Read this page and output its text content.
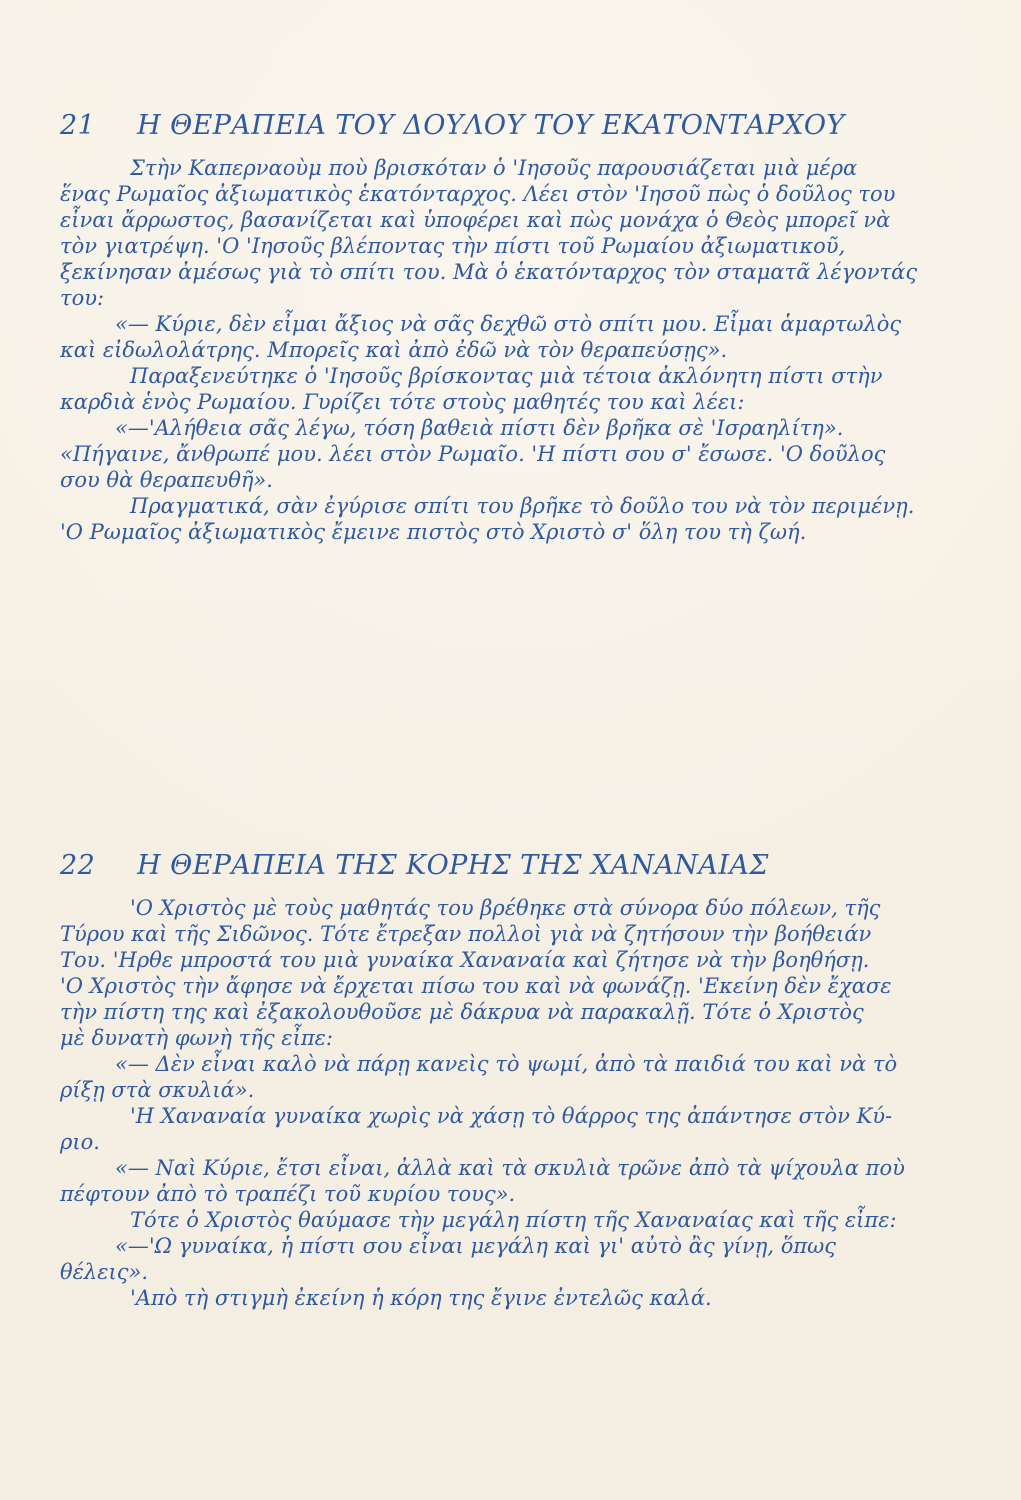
21 Η ΘΕΡΑΠΕΙΑ ΤΟΥ ΔΟΥΛΟΥ ΤΟΥ ΕΚΑΤΟΝΤΑΡΧΟΥ
Στὴν Καπερναοὺμ ποὺ βρισκόταν ὁ 'Ιησοῦς παρουσιάζεται μιὰ μέρα
ἕνας Ρωμαῖος ἀξιωματικὸς ἑκατόνταρχος. Λέει στὸν 'Ιησοῦ πὼς ὁ δοῦλος του
εἶναι ἄρρωστος, βασανίζεται καὶ ὑποφέρει καὶ πὼς μονάχα ὁ Θεὸς μπορεῖ νὰ
τὸν γιατρέψη. 'Ο 'Ιησοῦς βλέποντας τὴν πίστι τοῦ Ρωμαίου ἀξιωματικοῦ,
ξεκίνησαν ἀμέσως γιὰ τὸ σπίτι του. Μὰ ὁ ἑκατόνταρχος τὸν σταματᾶ λέγοντάς
του:
«— Κύριε, δὲν εἶμαι ἄξιος νὰ σᾶς δεχθῶ στὸ σπίτι μου. Εἶμαι ἁμαρτωλὸς
καὶ εἰδωλολάτρης. Μπορεῖς καὶ ἀπὸ ἐδῶ νὰ τὸν θεραπεύσῃς».
Παραξενεύτηκε ὁ 'Ιησοῦς βρίσκοντας μιὰ τέτοια ἀκλόνητη πίστι στὴν
καρδιὰ ἑνὸς Ρωμαίου. Γυρίζει τότε στοὺς μαθητές του καὶ λέει:
«—'Αλήθεια σᾶς λέγω, τόση βαθειὰ πίστι δὲν βρῆκα σὲ 'Ισραηλίτη».
«Πήγαινε, ἄνθρωπέ μου. λέει στὸν Ρωμαῖο. 'Η πίστι σου σ' ἔσωσε. 'Ο δοῦλος
σου θὰ θεραπευθῆ».
Πραγματικά, σὰν ἐγύρισε σπίτι του βρῆκε τὸ δοῦλο του νὰ τὸν περιμένῃ.
'Ο Ρωμαῖος ἀξιωματικὸς ἔμεινε πιστὸς στὸ Χριστὸ σ' ὅλη του τὴ ζωή.
22 Η ΘΕΡΑΠΕΙΑ ΤΗΣ ΚΟΡΗΣ ΤΗΣ ΧΑΝΑΝΑΙΑΣ
'Ο Χριστὸς μὲ τοὺς μαθητάς του βρέθηκε στὰ σύνορα δύο πόλεων, τῆς
Τύρου καὶ τῆς Σιδῶνος. Τότε ἔτρεξαν πολλοὶ γιὰ νὰ ζητήσουν τὴν βοήθειάν
Του. 'Ηρθε μπροστά του μιὰ γυναίκα Χαναναία καὶ ζήτησε νὰ τὴν βοηθήσῃ.
'Ο Χριστὸς τὴν ἄφησε νὰ ἔρχεται πίσω του καὶ νὰ φωνάζῃ. 'Εκείνη δὲν ἔχασε
τὴν πίστη της καὶ ἐξακολουθοῦσε μὲ δάκρυα νὰ παρακαλῇ. Τότε ὁ Χριστὸς
μὲ δυνατὴ φωνὴ τῆς εἶπε:
«— Δὲν εἶναι καλὸ νὰ πάρῃ κανεὶς τὸ ψωμί, ἀπὸ τὰ παιδιά του καὶ νὰ τὸ
ρίξῃ στὰ σκυλιά».
'Η Χαναναία γυναίκα χωρὶς νὰ χάσῃ τὸ θάρρος της ἀπάντησε στὸν Κύ-
ριο.
«— Ναὶ Κύριε, ἔτσι εἶναι, ἀλλὰ καὶ τὰ σκυλιὰ τρῶνε ἀπὸ τὰ ψίχουλα ποὺ
πέφτουν ἀπὸ τὸ τραπέζι τοῦ κυρίου τους».
Τότε ὁ Χριστὸς θαύμασε τὴν μεγάλη πίστη τῆς Χαναναίας καὶ τῆς εἶπε:
«—'Ω γυναίκα, ἡ πίστι σου εἶναι μεγάλη καὶ γι' αὐτὸ ἂς γίνῃ, ὅπως
θέλεις».
'Απὸ τὴ στιγμὴ ἐκείνη ἡ κόρη της ἔγινε ἐντελῶς καλά.
